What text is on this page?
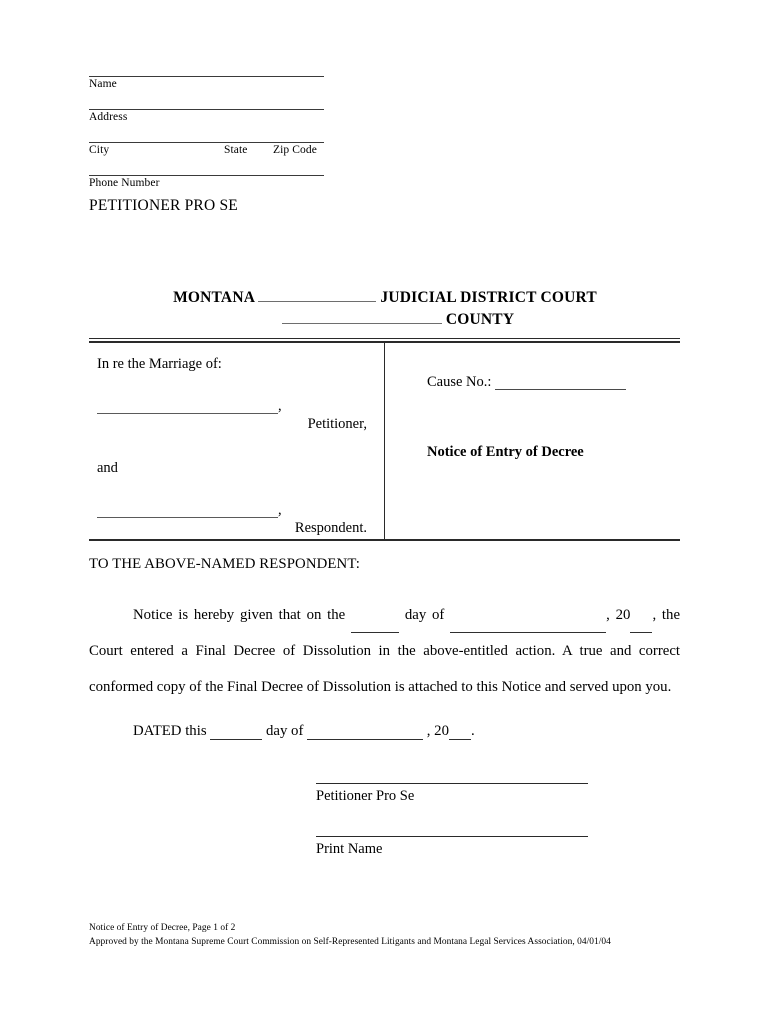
Name
Address
City	State Zip Code
Phone Number
PETITIONER PRO SE
MONTANA	JUDICIAL DISTRICT COURT
COUNTY
In re the Marriage of:
,
Petitioner,
and
,
Respondent.
Cause No.:
Notice of Entry of Decree
TO THE ABOVE-NAMED RESPONDENT:
Notice is hereby given that on the	day of	, 20 , the Court entered a Final Decree of Dissolution in the above-entitled action. A true and correct conformed copy of the Final Decree of Dissolution is attached to this Notice and served upon you.
DATED this	day of	, 20 .
Petitioner Pro Se
Print Name
Notice of Entry of Decree, Page 1 of 2
Approved by the Montana Supreme Court Commission on Self-Represented Litigants and Montana Legal Services Association, 04/01/04
